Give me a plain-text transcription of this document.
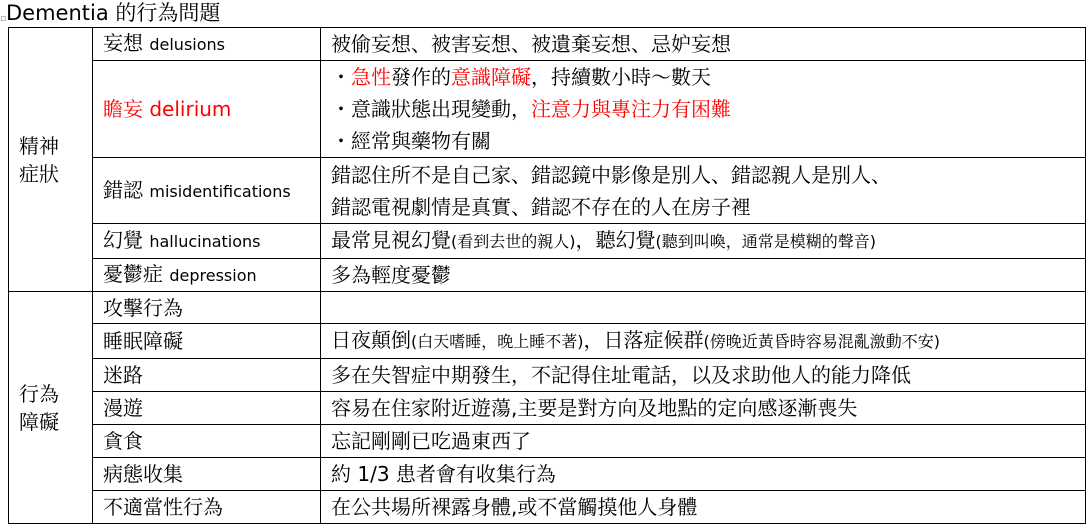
▫ Dementia 的行為問題
精神
症狀	妄想 delusions	被偷妄想、被害妄想、被遺棄妄想、忌妒妄想
	瞻妄 delirium	・急性發作的意識障礙，持續數小時～數天
・意識狀態出現變動，注意力與專注力有困難
・經常與藥物有關

	錯認 misidentifications	錯認住所不是自己家、錯認鏡中影像是別人、錯認親人是別人、
錯認電視劇情是真實、錯認不存在的人在房子裡

	幻覺 hallucinations	最常見視幻覺(看到去世的親人)，聽幻覺(聽到叫喚，通常是模糊的聲音)
	憂鬱症 depression	多為輕度憂鬱

行為
障礙	攻擊行為	
	睡眠障礙	日夜顛倒(白天嗜睡，晚上睡不著)，日落症候群(傍晚近黃昏時容易混亂激動不安)
	迷路	多在失智症中期發生，不記得住址電話，以及求助他人的能力降低
	漫遊	容易在住家附近遊蕩,主要是對方向及地點的定向感逐漸喪失
	貪食	忘記剛剛已吃過東西了
	病態收集	約 1/3 患者會有收集行為
	不適當性行為	在公共場所裸露身體,或不當觸摸他人身體
